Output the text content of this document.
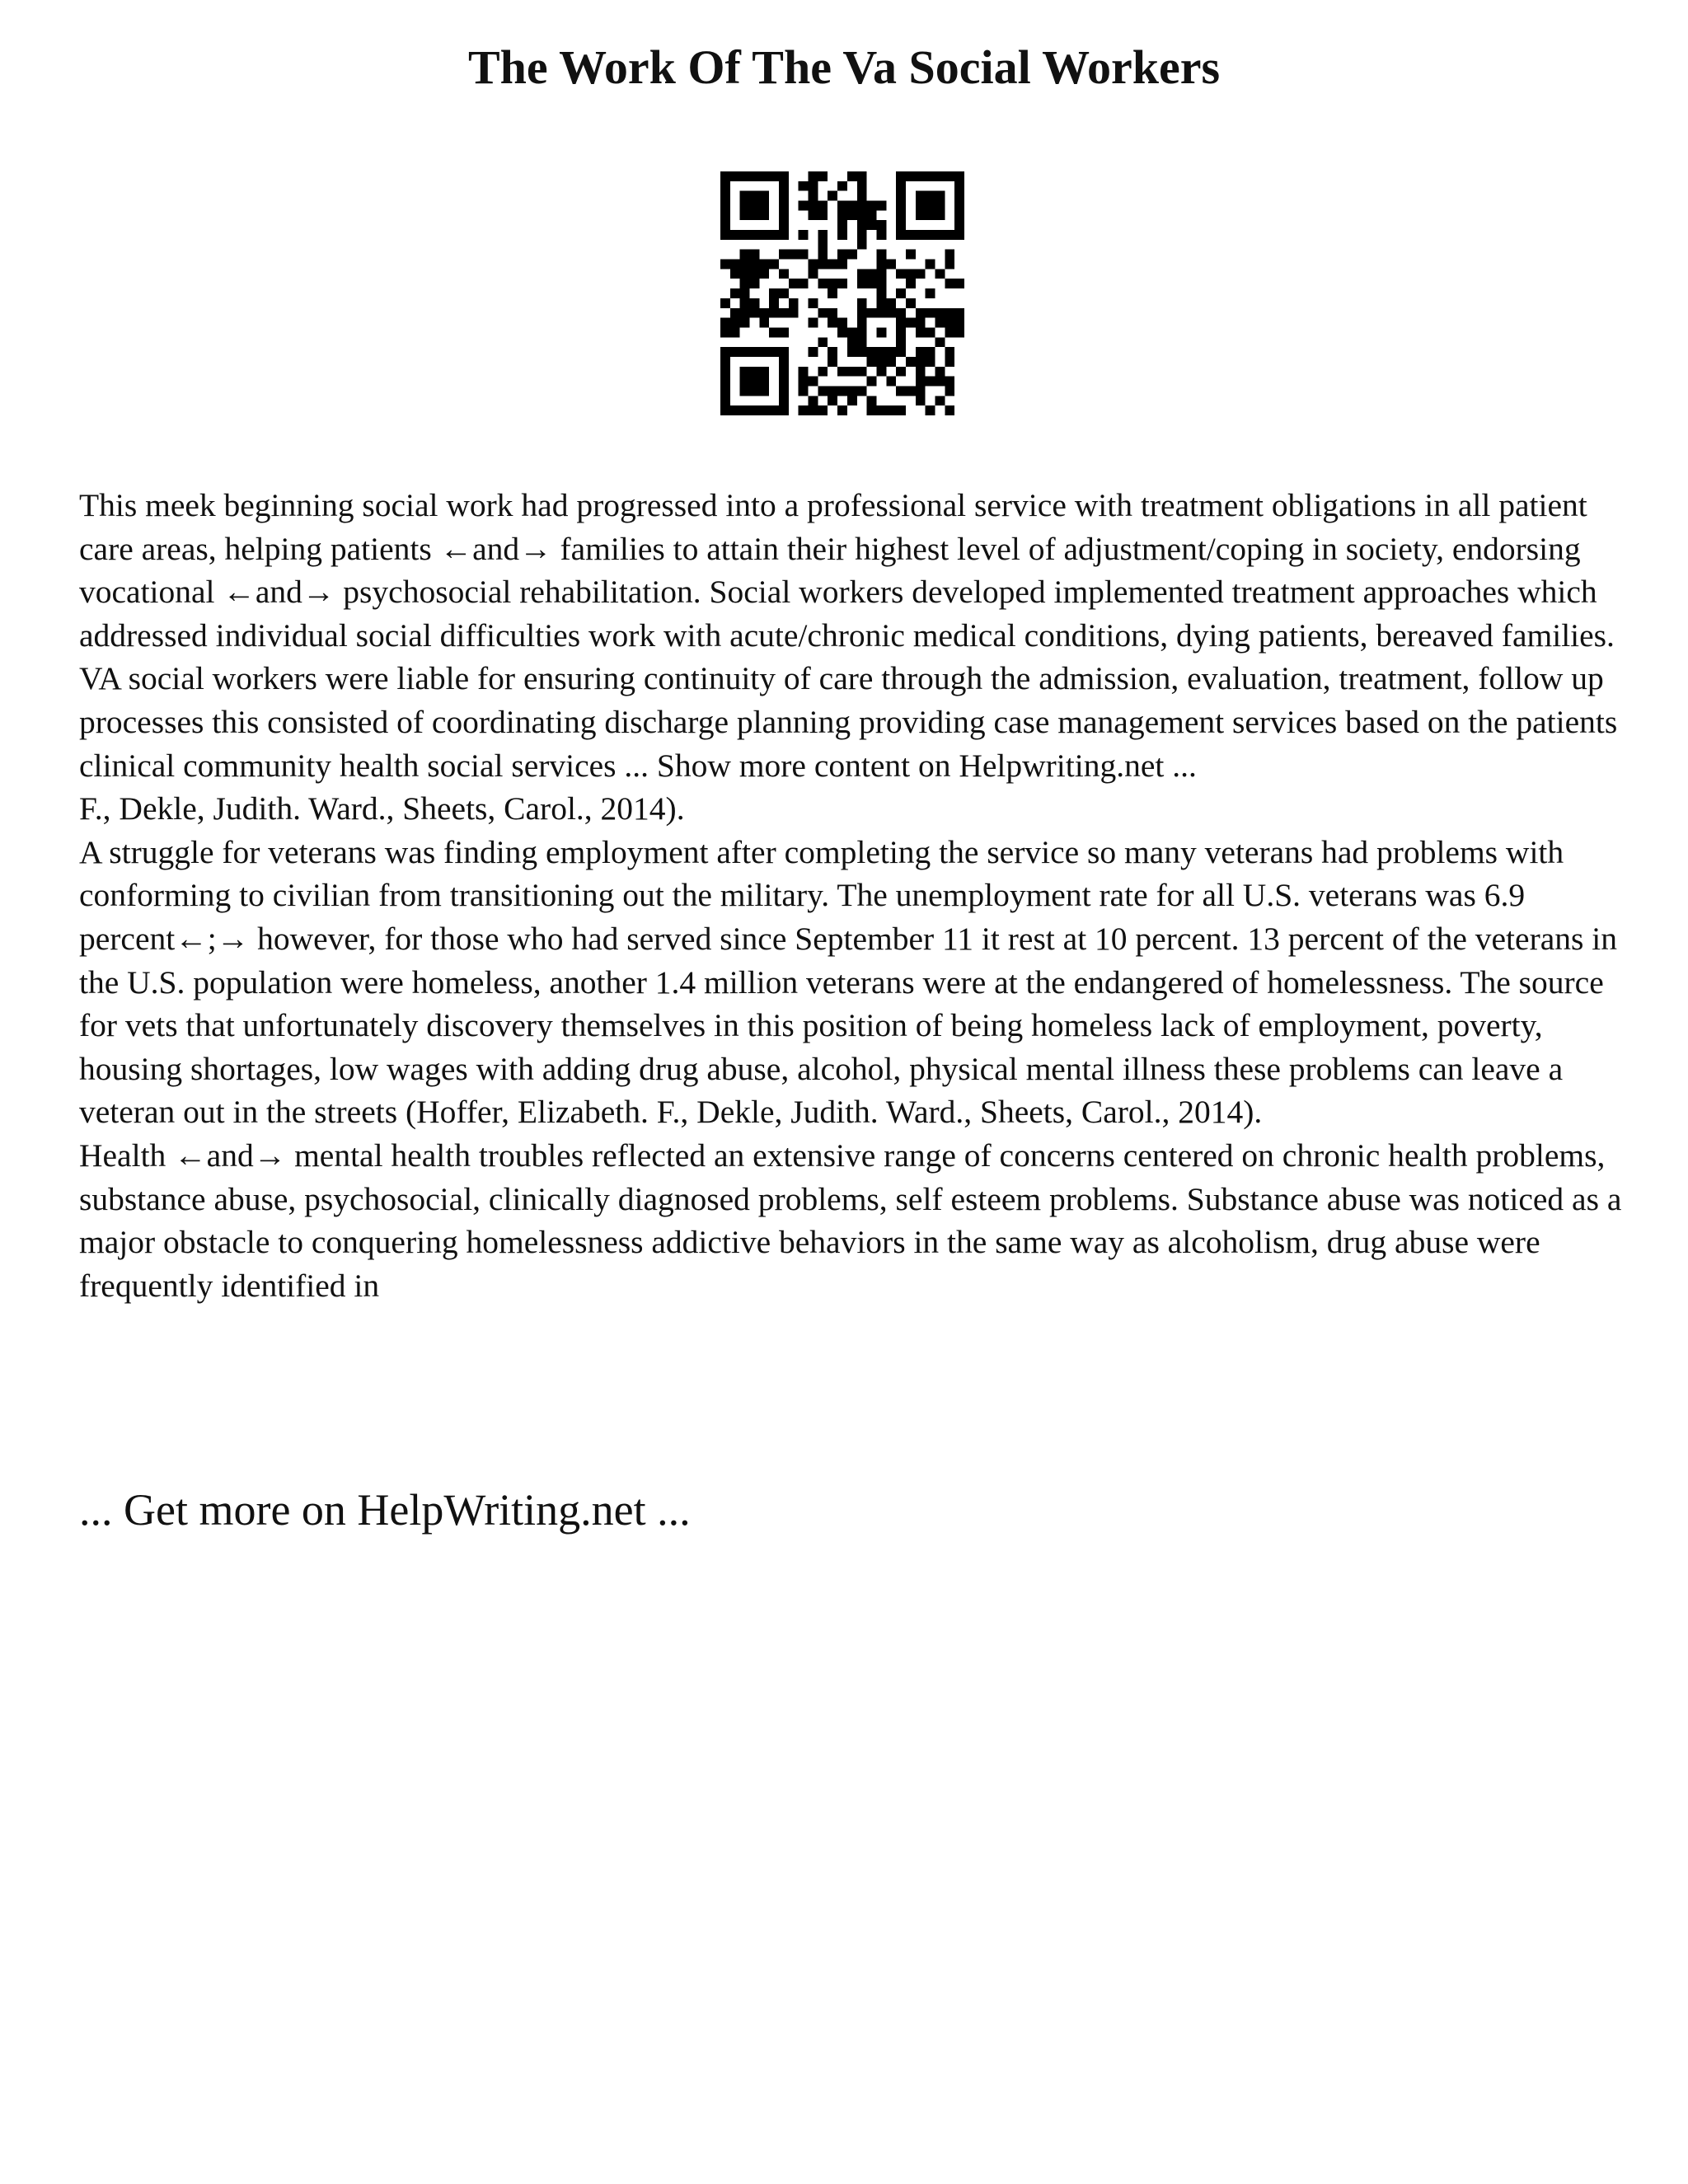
The Work Of The Va Social Workers

This meek beginning social work had progressed into a professional service with treatment obligations in all patient care areas, helping patients ←and→ families to attain their highest level of adjustment/coping in society, endorsing vocational ←and→ psychosocial rehabilitation. Social workers developed implemented treatment approaches which addressed individual social difficulties work with acute/chronic medical conditions, dying patients, bereaved families. VA social workers were liable for ensuring continuity of care through the admission, evaluation, treatment, follow up processes this consisted of coordinating discharge planning providing case management services based on the patients clinical community health social services ... Show more content on Helpwriting.net ...

F., Dekle, Judith. Ward., Sheets, Carol., 2014).

A struggle for veterans was finding employment after completing the service so many veterans had problems with conforming to civilian from transitioning out the military. The unemployment rate for all U.S. veterans was 6.9 percent←;→ however, for those who had served since September 11 it rest at 10 percent. 13 percent of the veterans in the U.S. population were homeless, another 1.4 million veterans were at the endangered of homelessness. The source for vets that unfortunately discovery themselves in this position of being homeless lack of employment, poverty, housing shortages, low wages with adding drug abuse, alcohol, physical mental illness these problems can leave a veteran out in the streets (Hoffer, Elizabeth. F., Dekle, Judith. Ward., Sheets, Carol., 2014).

Health ←and→ mental health troubles reflected an extensive range of concerns centered on chronic health problems, substance abuse, psychosocial, clinically diagnosed problems, self esteem problems. Substance abuse was noticed as a major obstacle to conquering homelessness addictive behaviors in the same way as alcoholism, drug abuse were frequently identified in

... Get more on HelpWriting.net ...
